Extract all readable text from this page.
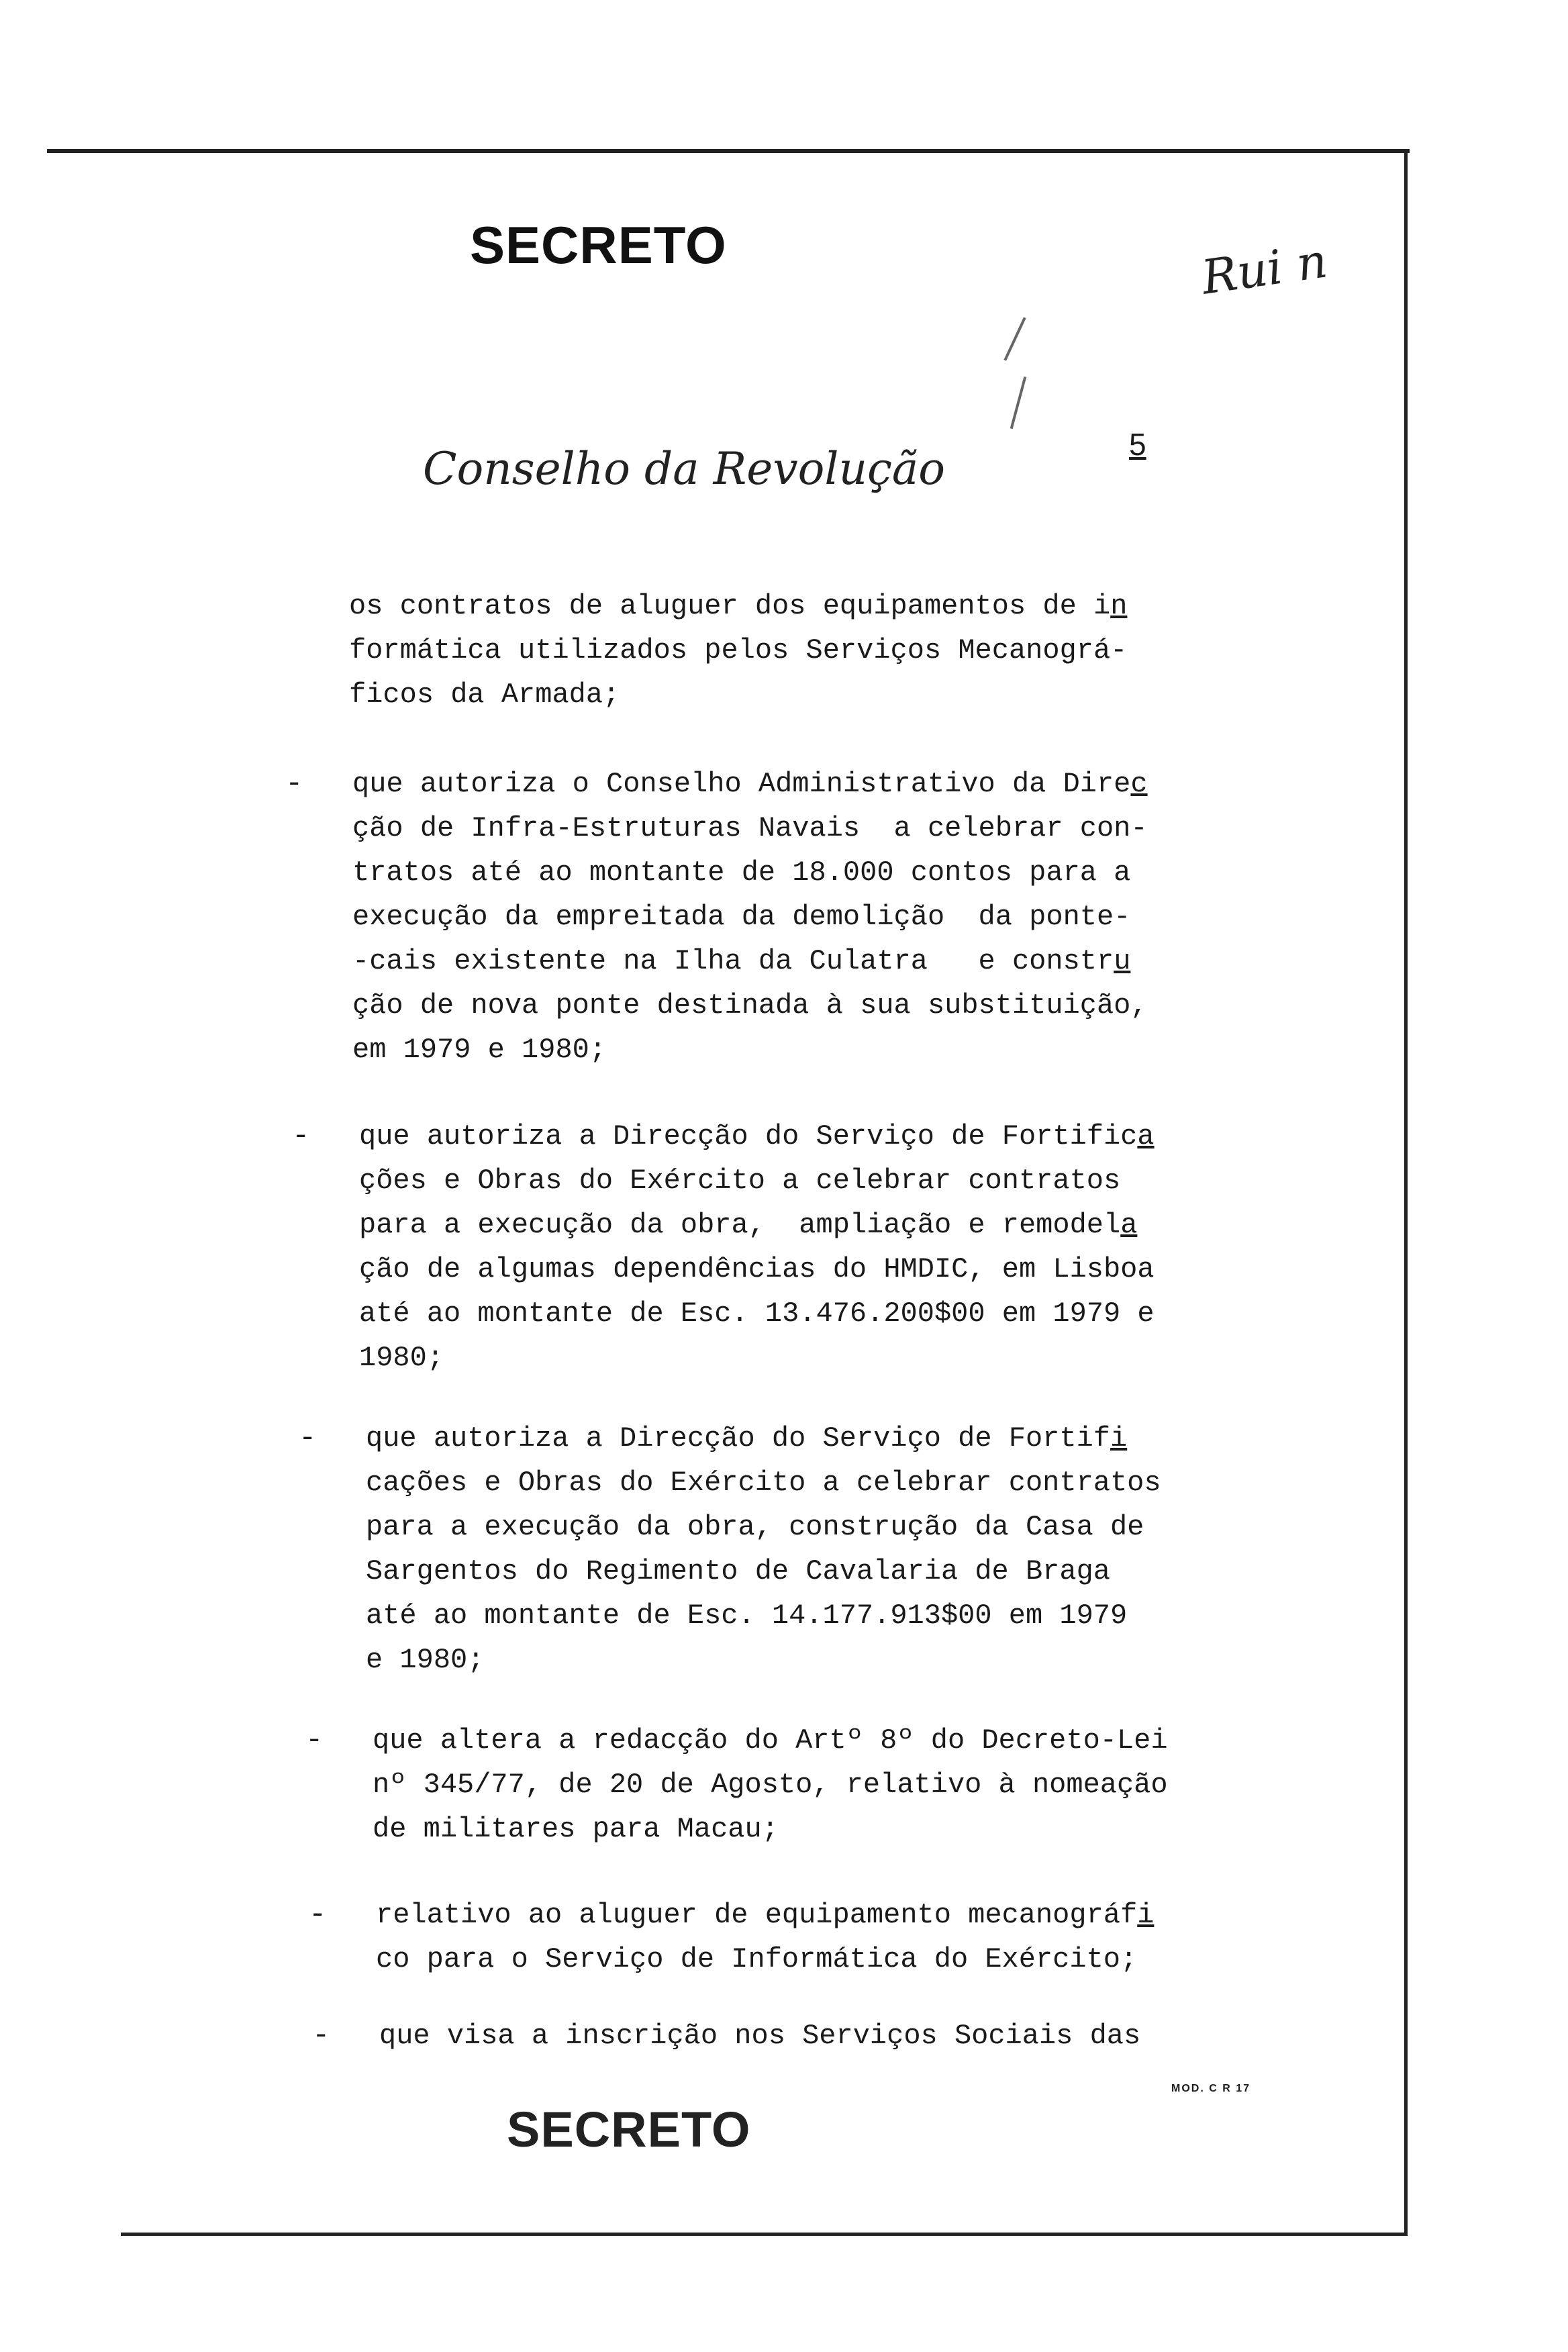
SECRETO
Conselho da Revolução	5
Rui n
os contratos de aluguer dos equipamentos de in
formática utilizados pelos Serviços Mecanográ-
ficos da Armada;
- que autoriza o Conselho Administrativo da Direc
ção de Infra-Estruturas Navais  a celebrar con-
tratos até ao montante de 18.000 contos para a
execução da empreitada da demolição  da ponte-
-cais existente na Ilha da Culatra   e constru
ção de nova ponte destinada à sua substituição,
em 1979 e 1980;
- que autoriza a Direcção do Serviço de Fortifica
ções e Obras do Exército a celebrar contratos
para a execução da obra,  ampliação e remodela
ção de algumas dependências do HMDIC, em Lisboa
até ao montante de Esc. 13.476.200$00 em 1979 e
1980;
- que autoriza a Direcção do Serviço de Fortifi
cações e Obras do Exército a celebrar contratos
para a execução da obra, construção da Casa de
Sargentos do Regimento de Cavalaria de Braga
até ao montante de Esc. 14.177.913$00 em 1979
e 1980;
- que altera a redacção do Artº 8º do Decreto-Lei
nº 345/77, de 20 de Agosto, relativo à nomeação
de militares para Macau;
- relativo ao aluguer de equipamento mecanográfi
co para o Serviço de Informática do Exército;
- que visa a inscrição nos Serviços Sociais das
MOD. C R 17
SECRETO
